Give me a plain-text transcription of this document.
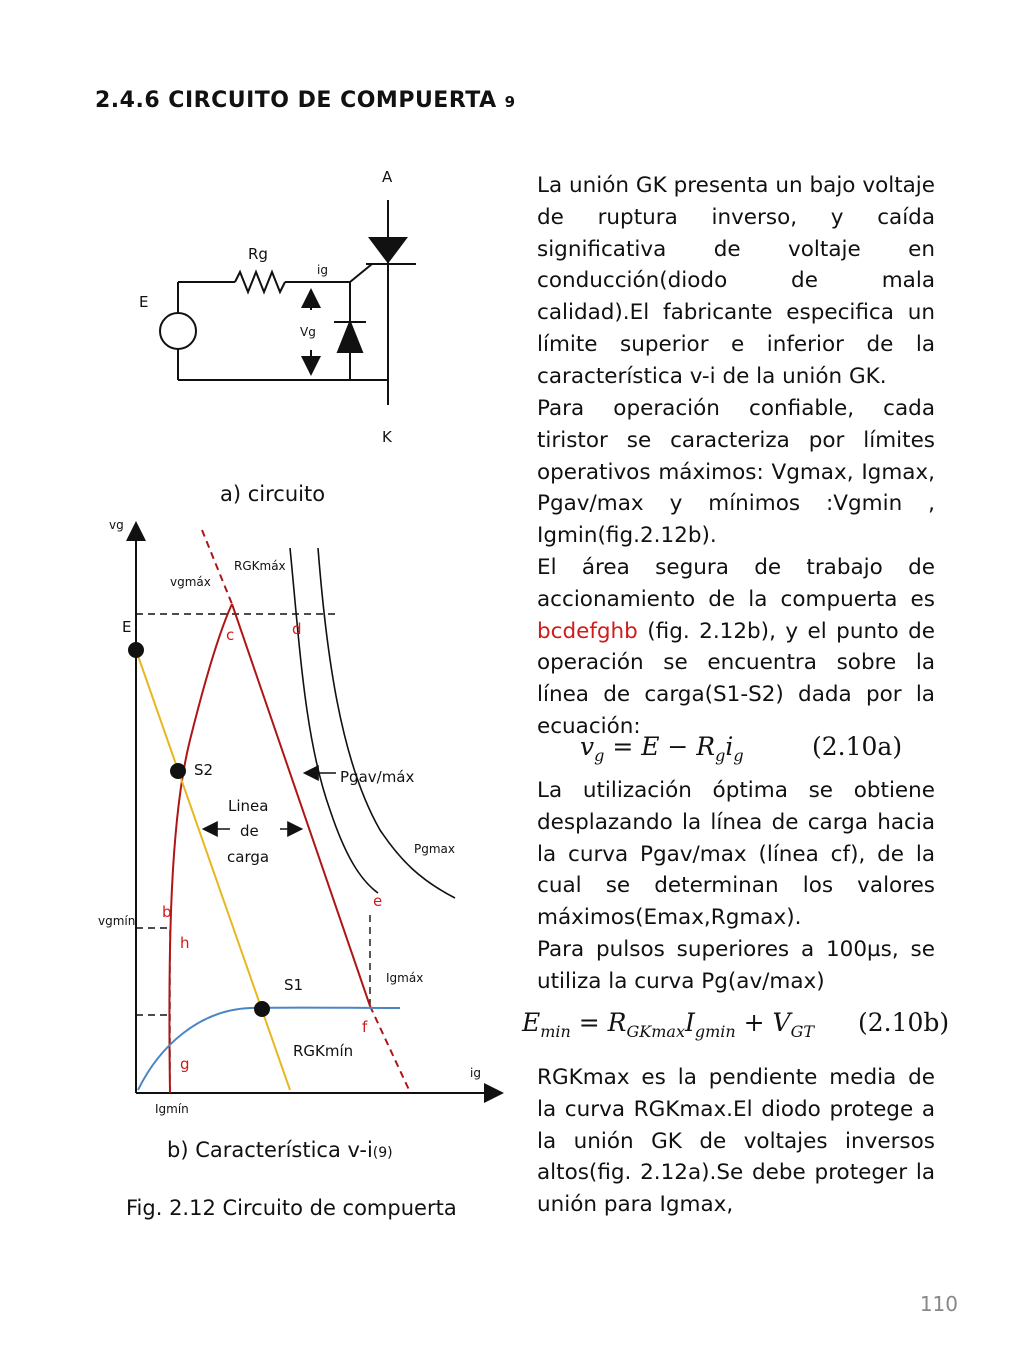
2.4.6 CIRCUITO DE COMPUERTA 9
A
K
Rg
ig
E
Vg
a) circuito
vg
ig
RGKmáx
vgmáx
E	c	d
S2	Pgav/máx
Linea
de
carga	Pgmax
e
b
vgmín
h
S1	Igmáx
f
RGKmín
g
Igmín
b) Característica v-i(9)
Fig. 2.12 Circuito de compuerta
La unión GK presenta un bajo voltaje de ruptura inverso, y caída significativa de voltaje en conducción(diodo de mala calidad).El fabricante especifica un límite superior e inferior de la característica v-i de la unión GK.
Para operación confiable, cada tiristor se caracteriza por límites operativos máximos: Vgmax, Igmax, Pgav/max y mínimos :Vgmin , Igmin(fig.2.12b).
El área segura de trabajo de accionamiento de la compuerta es bcdefghb (fig. 2.12b), y el punto de operación se encuentra sobre la línea de carga(S1-S2) dada por la ecuación:
$v_g = E - R_gi_g$	(2.10a)
La utilización óptima se obtiene desplazando la línea de carga hacia la curva Pgav/max (línea cf), de la cual se determinan los valores máximos(Emax,Rgmax).
Para pulsos superiores a 100µs, se utiliza la curva Pg(av/max)
$E_{min} = R_{GKmax}I_{gmin} + V_{GT}$ (2.10b)
RGKmax es la pendiente media de la curva RGKmax.El diodo protege a la unión GK de voltajes inversos altos(fig. 2.12a).Se debe proteger la unión para Igmax,
110
